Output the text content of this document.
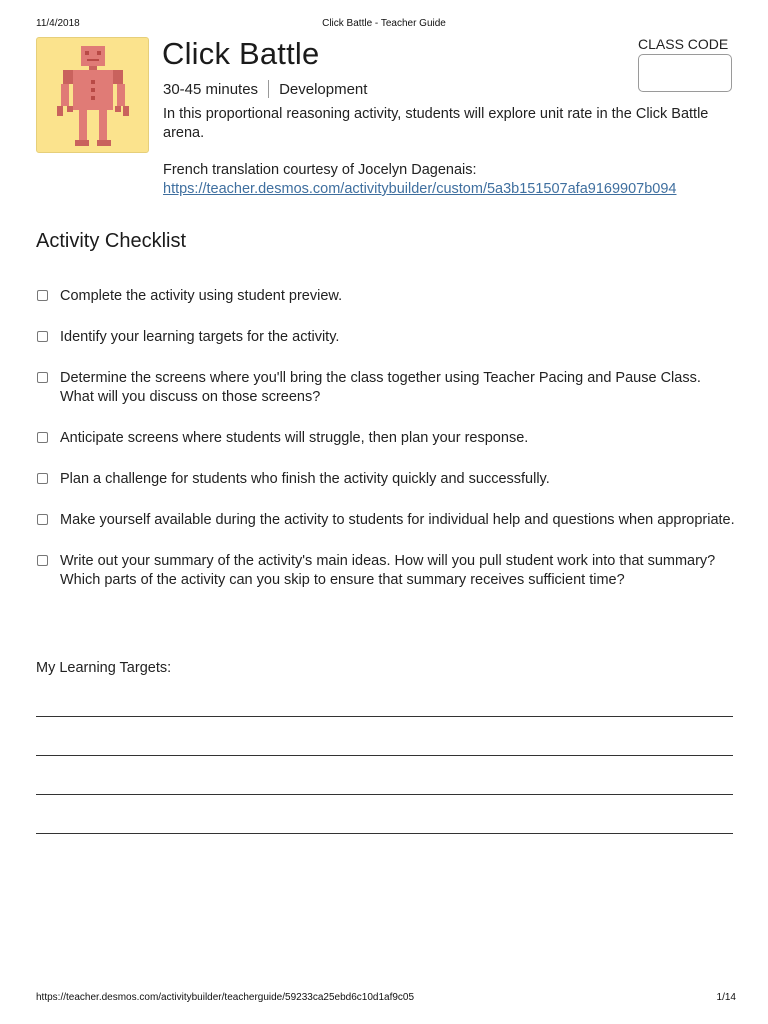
11/4/2018	Click Battle - Teacher Guide
Click Battle
30-45 minutes Development
In this proportional reasoning activity, students will explore unit rate in the Click Battle arena.
French translation courtesy of Jocelyn Dagenais:
https://teacher.desmos.com/activitybuilder/custom/5a3b151507afa9169907b094
CLASS CODE
Activity Checklist
Complete the activity using student preview.
Identify your learning targets for the activity.
Determine the screens where you'll bring the class together using Teacher Pacing and Pause Class. What will you discuss on those screens?
Anticipate screens where students will struggle, then plan your response.
Plan a challenge for students who finish the activity quickly and successfully.
Make yourself available during the activity to students for individual help and questions when appropriate.
Write out your summary of the activity's main ideas. How will you pull student work into that summary? Which parts of the activity can you skip to ensure that summary receives sufficient time?
My Learning Targets:
https://teacher.desmos.com/activitybuilder/teacherguide/59233ca25ebd6c10d1af9c05	1/14
